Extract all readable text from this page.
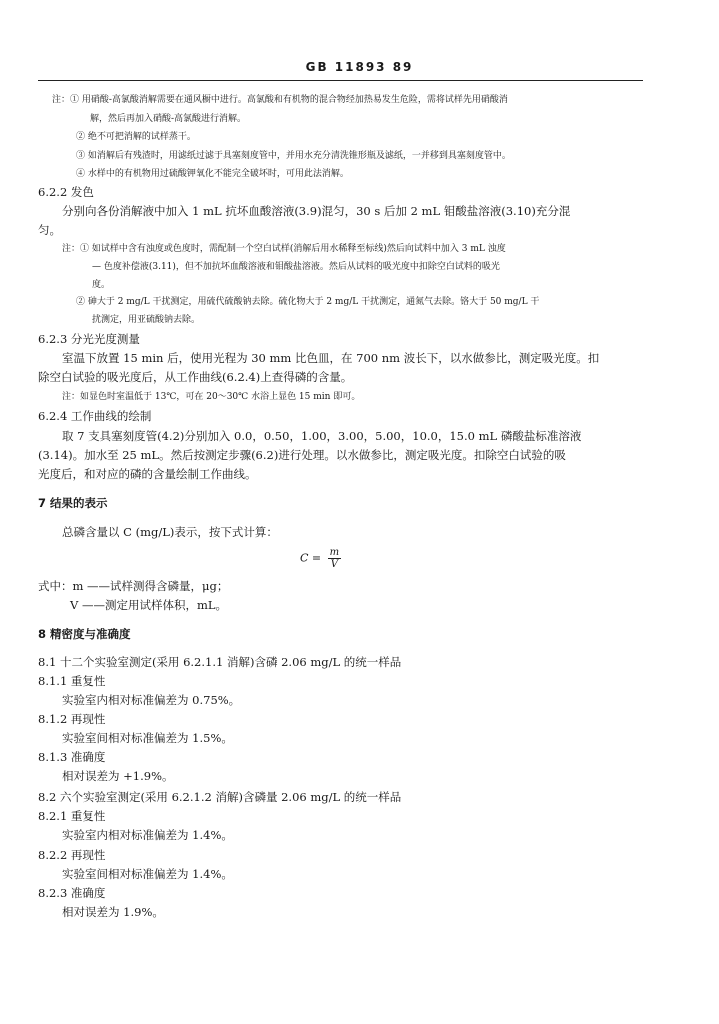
GB 11893 89
注：① 用硝酸-高氯酸消解需要在通风橱中进行。高氯酸和有机物的混合物经加热易发生危险，需将试样先用硝酸消
解，然后再加入硝酸-高氯酸进行消解。
② 绝不可把消解的试样蒸干。
③ 如消解后有残渣时，用滤纸过滤于具塞刻度管中，并用水充分清洗锥形瓶及滤纸，一并移到具塞刻度管中。
④ 水样中的有机物用过硫酸钾氧化不能完全破坏时，可用此法消解。
6.2.2 发色
分别向各份消解液中加入 1 mL 抗坏血酸溶液(3.9)混匀，30 s 后加 2 mL 钼酸盐溶液(3.10)充分混
匀。
注：① 如试样中含有浊度或色度时，需配制一个空白试样(消解后用水稀释至标线)然后向试料中加入 3 mL 浊度
— 色度补偿液(3.11)，但不加抗坏血酸溶液和钼酸盐溶液。然后从试料的吸光度中扣除空白试料的吸光
度。
② 砷大于 2 mg/L 干扰测定，用硫代硫酸钠去除。硫化物大于 2 mg/L 干扰测定，通氮气去除。铬大于 50 mg/L 干
扰测定，用亚硫酸钠去除。
6.2.3 分光光度测量
室温下放置 15 min 后，使用光程为 30 mm 比色皿，在 700 nm 波长下，以水做参比，测定吸光度。扣
除空白试验的吸光度后，从工作曲线(6.2.4)上查得磷的含量。
注：如显色时室温低于 13℃，可在 20～30℃ 水浴上显色 15 min 即可。
6.2.4 工作曲线的绘制
取 7 支具塞刻度管(4.2)分别加入 0.0，0.50，1.00，3.00，5.00，10.0，15.0 mL 磷酸盐标准溶液
(3.14)。加水至 25 mL。然后按测定步骤(6.2)进行处理。以水做参比，测定吸光度。扣除空白试验的吸
光度后，和对应的磷的含量绘制工作曲线。
7 结果的表示
总磷含量以 C (mg/L)表示，按下式计算：
$C = \frac{m}{V}$
式中：m ——试样测得含磷量，μg；
V ——测定用试样体积，mL。
8 精密度与准确度
8.1 十二个实验室测定(采用 6.2.1.1 消解)含磷 2.06 mg/L 的统一样品
8.1.1 重复性
实验室内相对标准偏差为 0.75%。
8.1.2 再现性
实验室间相对标准偏差为 1.5%。
8.1.3 准确度
相对误差为 +1.9%。
8.2 六个实验室测定(采用 6.2.1.2 消解)含磷量 2.06 mg/L 的统一样品
8.2.1 重复性
实验室内相对标准偏差为 1.4%。
8.2.2 再现性
实验室间相对标准偏差为 1.4%。
8.2.3 准确度
相对误差为 1.9%。
